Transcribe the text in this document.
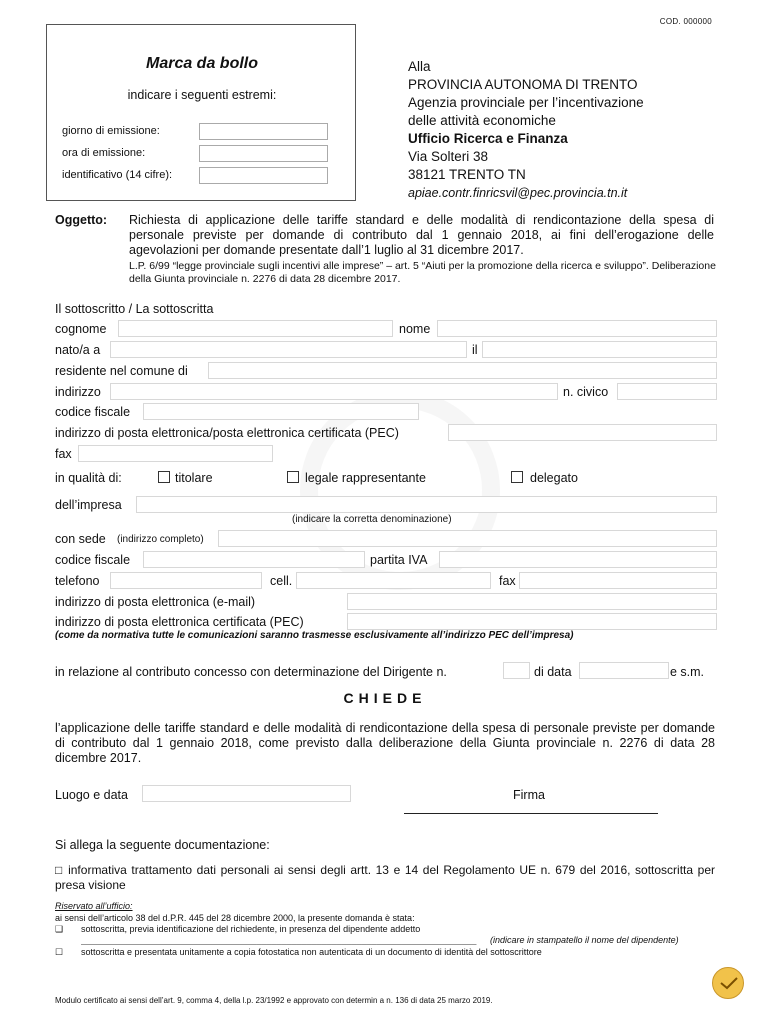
COD. 000000
Marca da bollo
indicare i seguenti estremi:
giorno di emissione:
ora di emissione:
identificativo (14 cifre):
Alla
PROVINCIA AUTONOMA DI TRENTO
Agenzia provinciale per l’incentivazione
delle attività economiche
Ufficio Ricerca e Finanza
Via Solteri 38
38121 TRENTO TN
apiae.contr.finricsvil@pec.provincia.tn.it
Oggetto: Richiesta di applicazione delle tariffe standard e delle modalità di rendicontazione della spesa di personale previste per domande di contributo dal 1 gennaio 2018, ai fini dell’erogazione delle agevolazioni per domande presentate dall’1 luglio al 31 dicembre 2017.
L.P. 6/99 “legge provinciale sugli incentivi alle imprese” – art. 5 “Aiuti per la promozione della ricerca e sviluppo”. Deliberazione della Giunta provinciale n. 2276 di data 28 dicembre 2017.
Il sottoscritto / La sottoscritta
cognome	nome
nato/a a	il
residente nel comune di
indirizzo	n. civico
codice fiscale
indirizzo di posta elettronica/posta elettronica certificata (PEC)
fax
in qualità di:	titolare	legale rappresentante	delegato
dell’impresa
(indicare la corretta denominazione)
con sede (indirizzo completo)
codice fiscale	partita IVA
telefono	cell.	fax
indirizzo di posta elettronica (e-mail)
indirizzo di posta elettronica certificata (PEC)
(come da normativa tutte le comunicazioni saranno trasmesse esclusivamente all’indirizzo PEC dell’impresa)
in relazione al contributo concesso con determinazione del Dirigente n.	di data	e s.m.
CHIEDE
l’applicazione delle tariffe standard e delle modalità di rendicontazione della spesa di personale previste per domande di contributo dal 1 gennaio 2018, come previsto dalla deliberazione della Giunta provinciale n. 2276 di data 28 dicembre 2017.
Luogo e data	Firma
Si allega la seguente documentazione:
□ informativa trattamento dati personali ai sensi degli artt. 13 e 14 del Regolamento UE n. 679 del 2016, sottoscritta per presa visione
Riservato all’ufficio:
ai sensi dell’articolo 38 del d.P.R. 445 del 28 dicembre 2000, la presente domanda è stata:
❑ sottoscritta, previa identificazione del richiedente, in presenza del dipendente addetto
_______________________________________________________________________________	(indicare in stampatello il nome del dipendente)
☐ sottoscritta e presentata unitamente a copia fotostatica non autenticata di un documento di identità del sottoscrittore
Modulo certificato ai sensi dell’art. 9, comma 4, della l.p. 23/1992 e approvato con determin a n. 136 di data 25 marzo 2019.
